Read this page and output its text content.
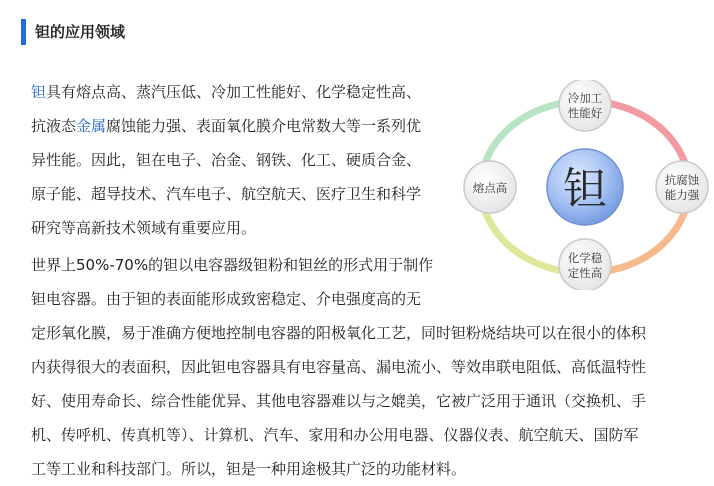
钽的应用领域
钽具有熔点高、蒸汽压低、冷加工性能好、化学稳定性高、
抗液态金属腐蚀能力强、表面氧化膜介电常数大等一系列优
异性能。因此，钽在电子、冶金、钢铁、化工、硬质合金、
原子能、超导技术、汽车电子、航空航天、医疗卫生和科学
研究等高新技术领域有重要应用。
世界上50%-70%的钽以电容器级钽粉和钽丝的形式用于制作
钽电容器。由于钽的表面能形成致密稳定、介电强度高的无
定形氧化膜，易于准确方便地控制电容器的阳极氧化工艺，同时钽粉烧结块可以在很小的体积
内获得很大的表面积，因此钽电容器具有电容量高、漏电流小、等效串联电阻低、高低温特性
好、使用寿命长、综合性能优异、其他电容器难以与之媲美，它被广泛用于通讯（交换机、手
机、传呼机、传真机等）、计算机、汽车、家用和办公用电器、仪器仪表、航空航天、国防军
工等工业和科技部门。所以，钽是一种用途极其广泛的功能材料。
钽
冷加工
性能好
抗腐蚀
能力强
化学稳
定性高
熔点高
